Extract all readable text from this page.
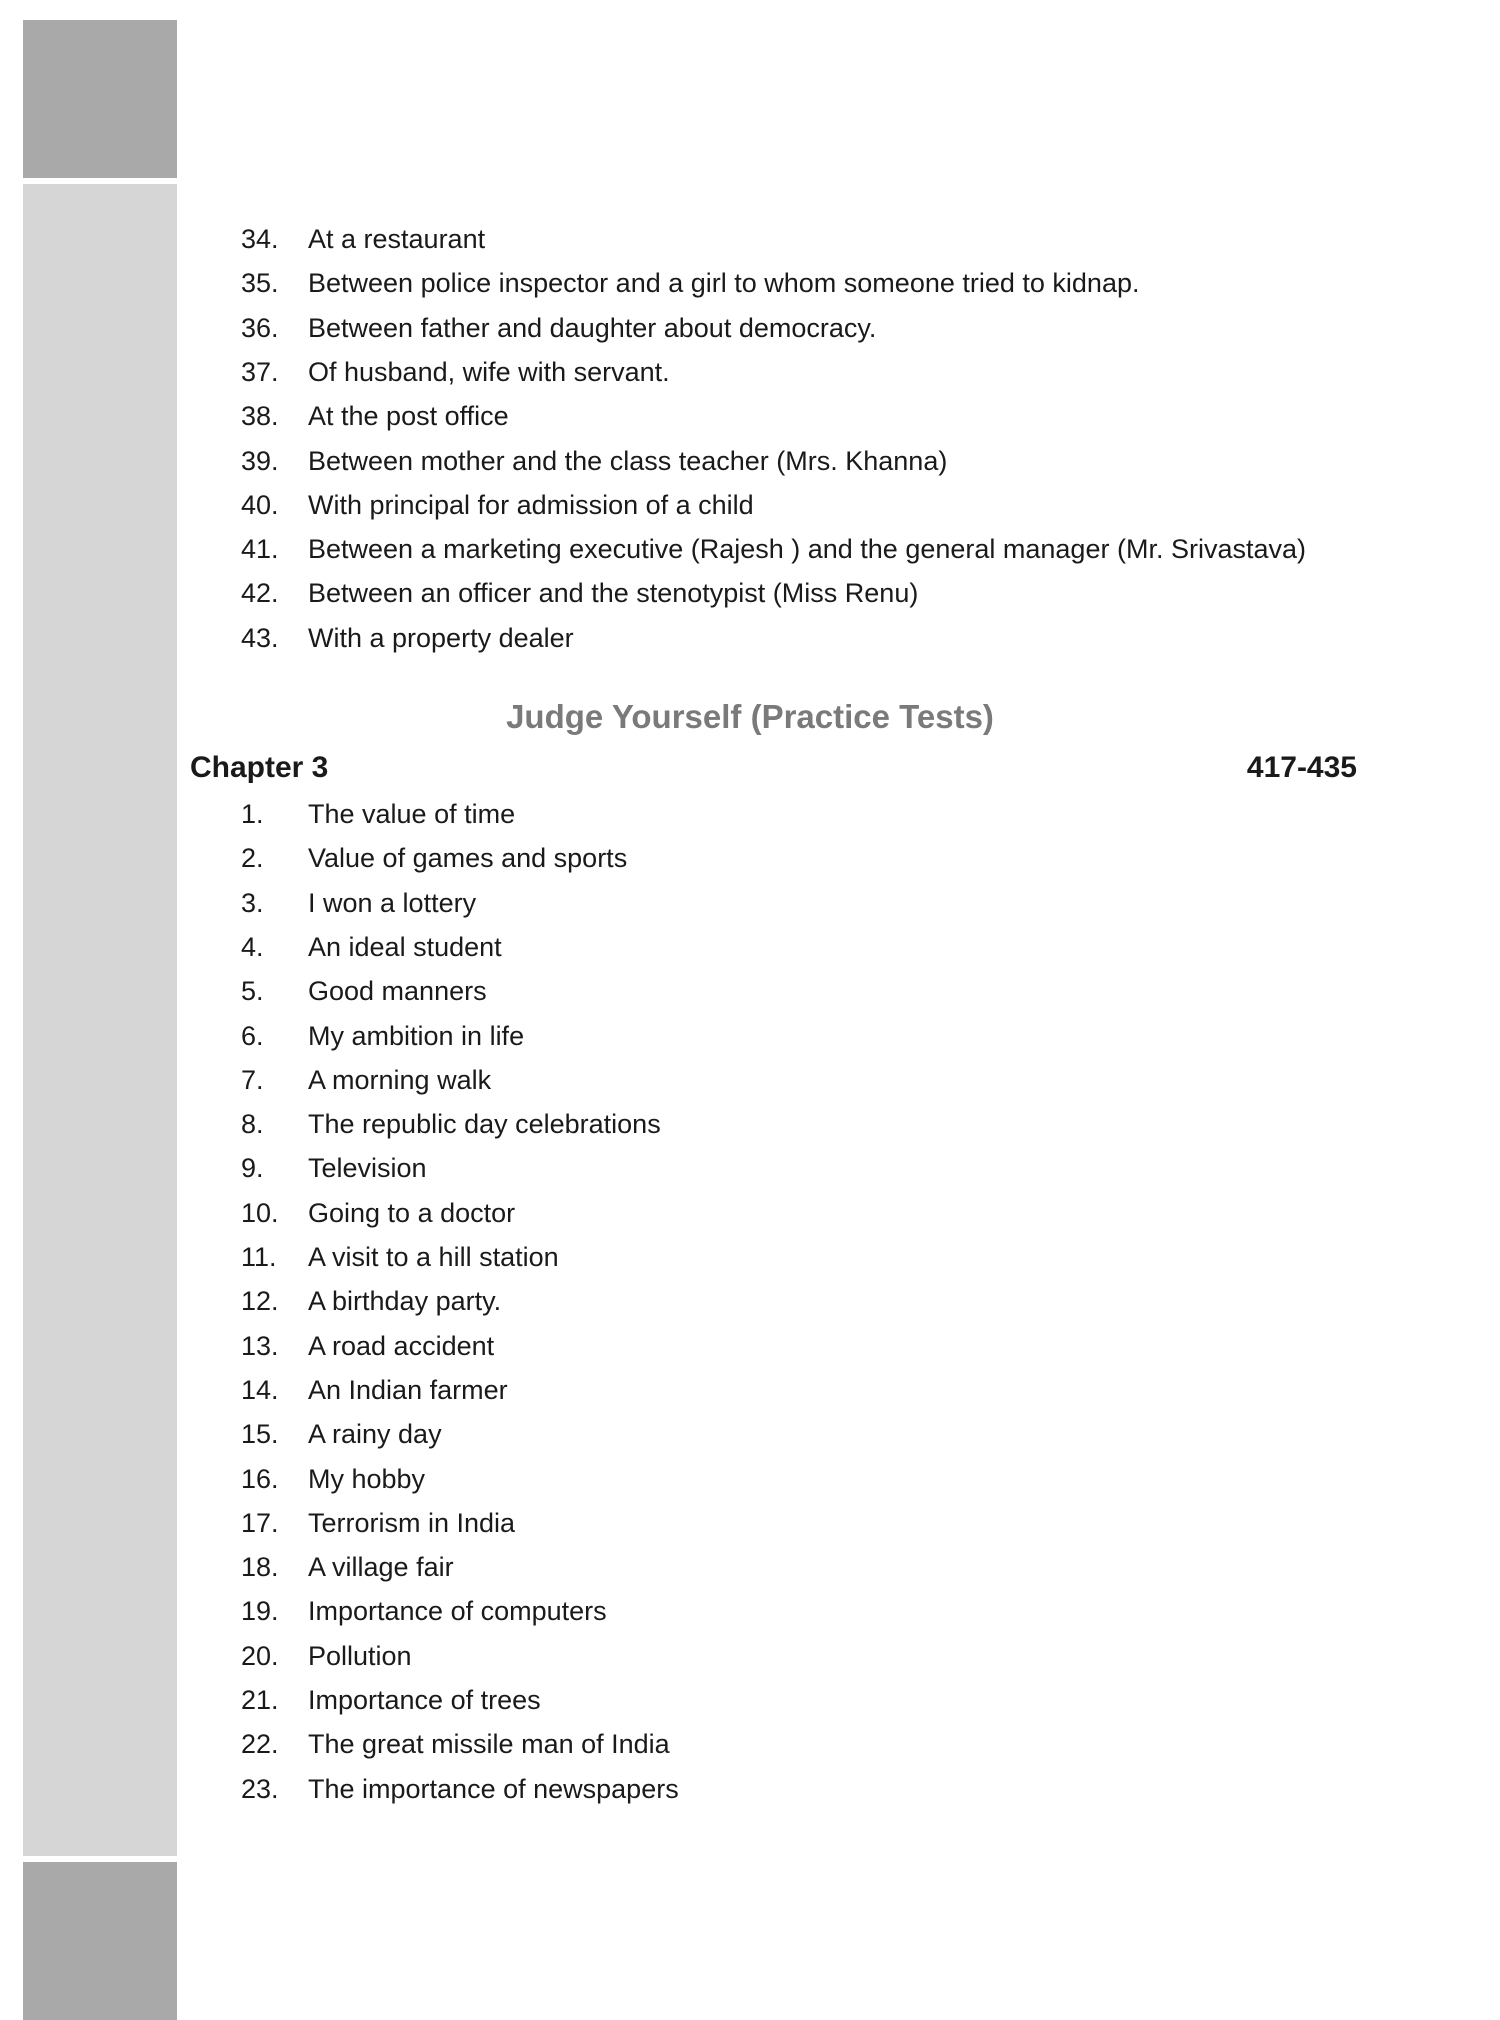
34. At a restaurant
35. Between police inspector and a girl to whom someone tried to kidnap.
36. Between father and daughter about democracy.
37. Of husband, wife with servant.
38. At the post office
39. Between mother and the class teacher (Mrs. Khanna)
40. With principal for admission of a child
41. Between a marketing executive (Rajesh ) and the general manager (Mr. Srivastava)
42. Between an officer and the stenotypist (Miss Renu)
43. With a property dealer
Judge Yourself (Practice Tests)
Chapter 3	417-435
1. The value of time
2. Value of games and sports
3. I won a lottery
4. An ideal student
5. Good manners
6. My ambition in life
7. A morning walk
8. The republic day celebrations
9. Television
10. Going to a doctor
11. A visit to a hill station
12. A birthday party.
13. A road accident
14. An Indian farmer
15. A rainy day
16. My hobby
17. Terrorism in India
18. A village fair
19. Importance of computers
20. Pollution
21. Importance of trees
22. The great missile man of India
23. The importance of newspapers
